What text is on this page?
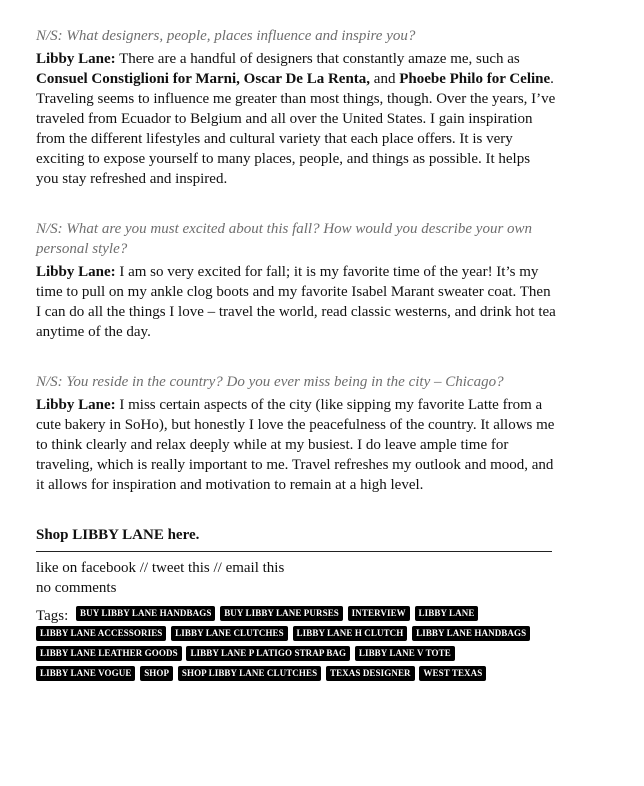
N/S: What designers, people, places influence and inspire you?

Libby Lane: There are a handful of designers that constantly amaze me, such as Consuel Constiglioni for Marni, Oscar De La Renta, and Phoebe Philo for Celine. Traveling seems to influence me greater than most things, though. Over the years, I’ve traveled from Ecuador to Belgium and all over the United States. I gain inspiration from the different lifestyles and cultural variety that each place offers. It is very exciting to expose yourself to many places, people, and things as possible. It helps you stay refreshed and inspired.

N/S: What are you must excited about this fall? How would you describe your own personal style?

Libby Lane: I am so very excited for fall; it is my favorite time of the year! It’s my time to pull on my ankle clog boots and my favorite Isabel Marant sweater coat. Then I can do all the things I love – travel the world, read classic westerns, and drink hot tea anytime of the day.

N/S: You reside in the country? Do you ever miss being in the city – Chicago?

Libby Lane: I miss certain aspects of the city (like sipping my favorite Latte from a cute bakery in SoHo), but honestly I love the peacefulness of the country. It allows me to think clearly and relax deeply while at my busiest. I do leave ample time for traveling, which is really important to me. Travel refreshes my outlook and mood, and it allows for inspiration and motivation to remain at a high level.

Shop LIBBY LANE here.
like on facebook // tweet this // email this
no comments
Tags: BUY LIBBY LANE HANDBAGS BUY LIBBY LANE PURSES INTERVIEW LIBBY LANE LIBBY LANE ACCESSORIES LIBBY LANE CLUTCHES LIBBY LANE H CLUTCH LIBBY LANE HANDBAGS LIBBY LANE LEATHER GOODS LIBBY LANE P LATIGO STRAP BAG LIBBY LANE V TOTE LIBBY LANE VOGUE SHOP SHOP LIBBY LANE CLUTCHES TEXAS DESIGNER WEST TEXAS
